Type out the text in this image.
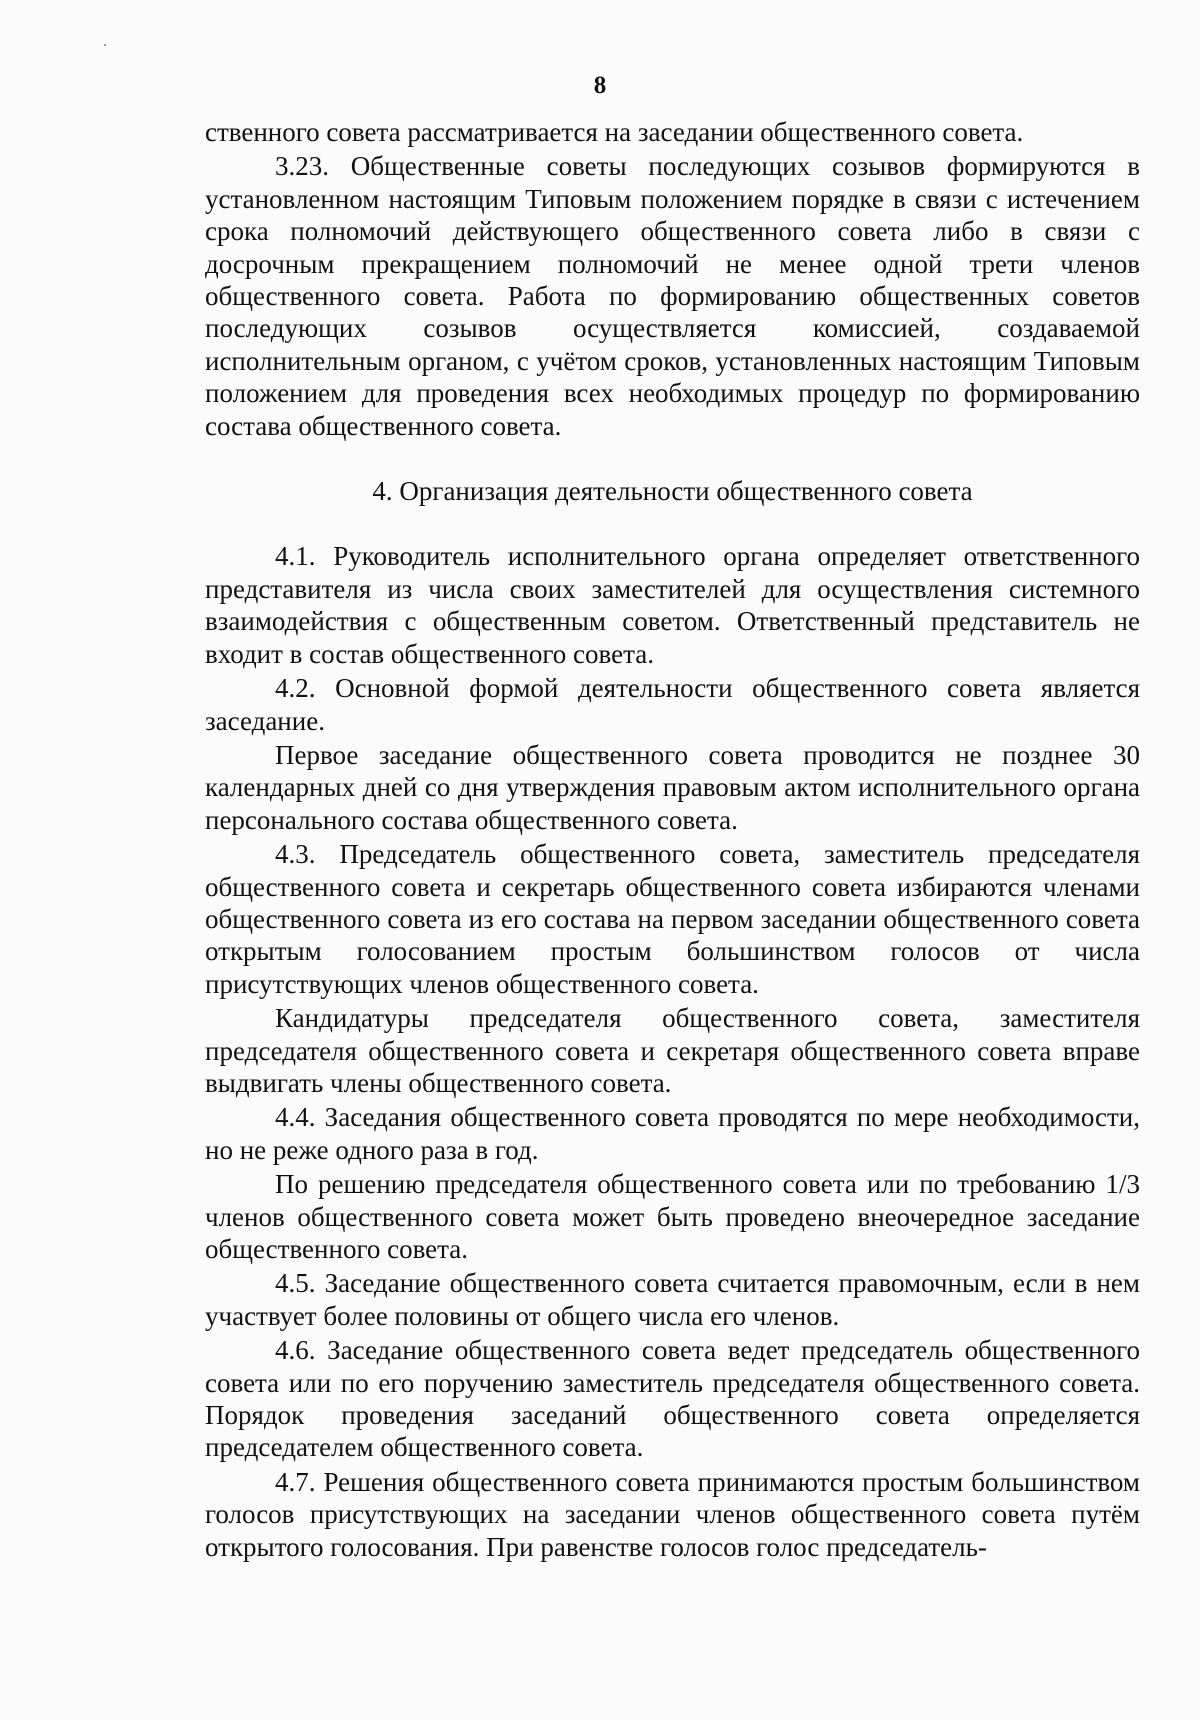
8

ственного совета рассматривается на заседании общественного совета.

3.23. Общественные советы последующих созывов формируются в установленном настоящим Типовым положением порядке в связи с истечением срока полномочий действующего общественного совета либо в связи с досрочным прекращением полномочий не менее одной трети членов общественного совета. Работа по формированию общественных советов последующих созывов осуществляется комиссией, создаваемой исполнительным органом, с учётом сроков, установленных настоящим Типовым положением для проведения всех необходимых процедур по формированию состава общественного совета.

4. Организация деятельности общественного совета

4.1. Руководитель исполнительного органа определяет ответственного представителя из числа своих заместителей для осуществления системного взаимодействия с общественным советом. Ответственный представитель не входит в состав общественного совета.

4.2. Основной формой деятельности общественного совета является заседание.

Первое заседание общественного совета проводится не позднее 30 календарных дней со дня утверждения правовым актом исполнительного органа персонального состава общественного совета.

4.3. Председатель общественного совета, заместитель председателя общественного совета и секретарь общественного совета избираются членами общественного совета из его состава на первом заседании общественного совета открытым голосованием простым большинством голосов от числа присутствующих членов общественного совета.

Кандидатуры председателя общественного совета, заместителя председателя общественного совета и секретаря общественного совета вправе выдвигать члены общественного совета.

4.4. Заседания общественного совета проводятся по мере необходимости, но не реже одного раза в год.

По решению председателя общественного совета или по требованию 1/3 членов общественного совета может быть проведено внеочередное заседание общественного совета.

4.5. Заседание общественного совета считается правомочным, если в нем участвует более половины от общего числа его членов.

4.6. Заседание общественного совета ведет председатель общественного совета или по его поручению заместитель председателя общественного совета. Порядок проведения заседаний общественного совета определяется председателем общественного совета.

4.7. Решения общественного совета принимаются простым большинством голосов присутствующих на заседании членов общественного совета путём открытого голосования. При равенстве голосов голос председатель-
